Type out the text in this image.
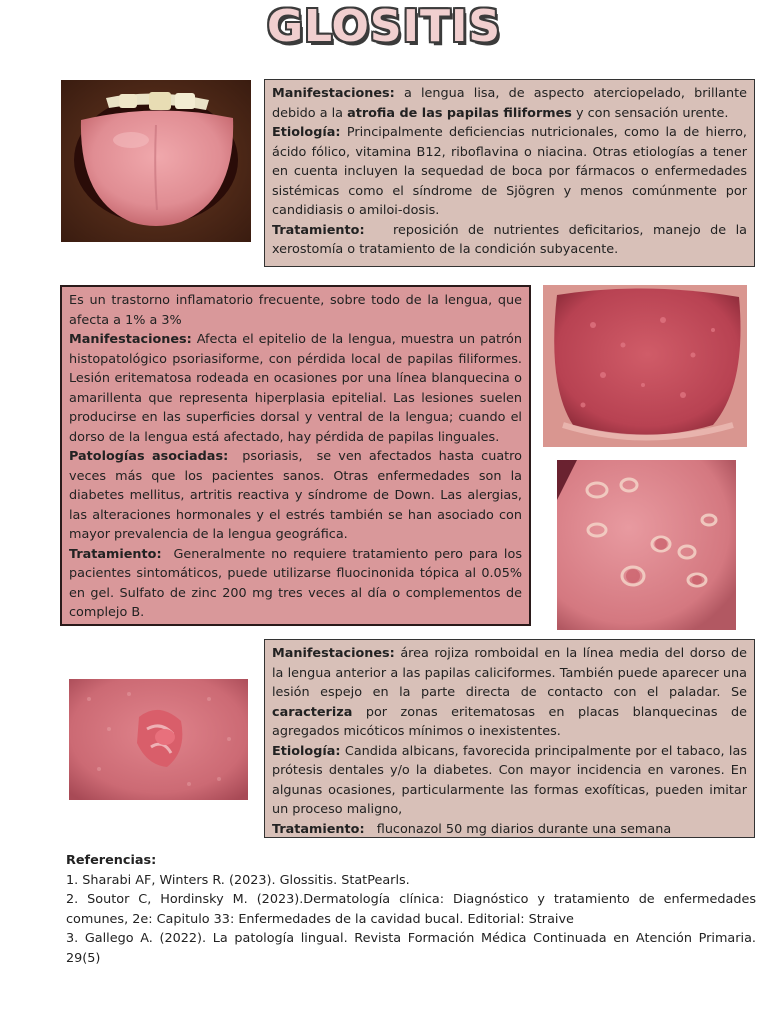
GLOSITIS

Manifestaciones: a lengua lisa, de aspecto aterciopelado, brillante debido a la atrofia de las papilas filiformes y con sensación urente.

Etiología: Principalmente deficiencias nutricionales, como la de hierro, ácido fólico, vitamina B12, riboflavina o niacina. Otras etiologías a tener en cuenta incluyen la sequedad de boca por fármacos o enfermedades sistémicas como el síndrome de Sjögren y menos comúnmente por candidiasis o amiloi-dosis.

Tratamiento:   reposición de nutrientes deficitarios, manejo de la xerostomía o tratamiento de la condición subyacente.

Es un trastorno inflamatorio frecuente, sobre todo de la lengua, que afecta a 1% a 3%

Manifestaciones: Afecta el epitelio de la lengua, muestra un patrón histopatológico psoriasiforme, con pérdida local de papilas filiformes. Lesión eritematosa rodeada en ocasiones por una línea blanquecina o amarillenta que representa hiperplasia epitelial. Las lesiones suelen producirse en las superficies dorsal y ventral de la lengua; cuando el dorso de la lengua está afectado, hay pérdida de papilas linguales.

Patologías asociadas:  psoriasis,  se ven afectados hasta cuatro veces más que los pacientes sanos. Otras enfermedades son la diabetes mellitus, artritis reactiva y síndrome de Down. Las alergias, las alteraciones hormonales y el estrés también se han asociado con mayor prevalencia de la lengua geográfica.

Tratamiento:  Generalmente no requiere tratamiento pero para los pacientes sintomáticos, puede utilizarse fluocinonida tópica al 0.05% en gel. Sulfato de zinc 200 mg tres veces al día o complementos de complejo B.

Manifestaciones: área rojiza romboidal en la línea media del dorso de la lengua anterior a las papilas caliciformes. También puede aparecer una lesión espejo en la parte directa de contacto con el paladar. Se caracteriza por zonas eritematosas en placas blanquecinas de agregados micóticos mínimos o inexistentes.

Etiología: Candida albicans, favorecida principalmente por el tabaco, las prótesis dentales y/o la diabetes. Con mayor incidencia en varones. En algunas ocasiones, particularmente las formas exofíticas, pueden imitar un proceso maligno,

Tratamiento:   fluconazol 50 mg diarios durante una semana

Referencias:

1. Sharabi AF, Winters R. (2023). Glossitis. StatPearls.

2. Soutor C, Hordinsky M. (2023).Dermatología clínica: Diagnóstico y tratamiento de enfermedades comunes, 2e: Capitulo 33: Enfermedades de la cavidad bucal. Editorial: Straive

3. Gallego A. (2022). La patología lingual. Revista Formación Médica Continuada en Atención Primaria. 29(5)
